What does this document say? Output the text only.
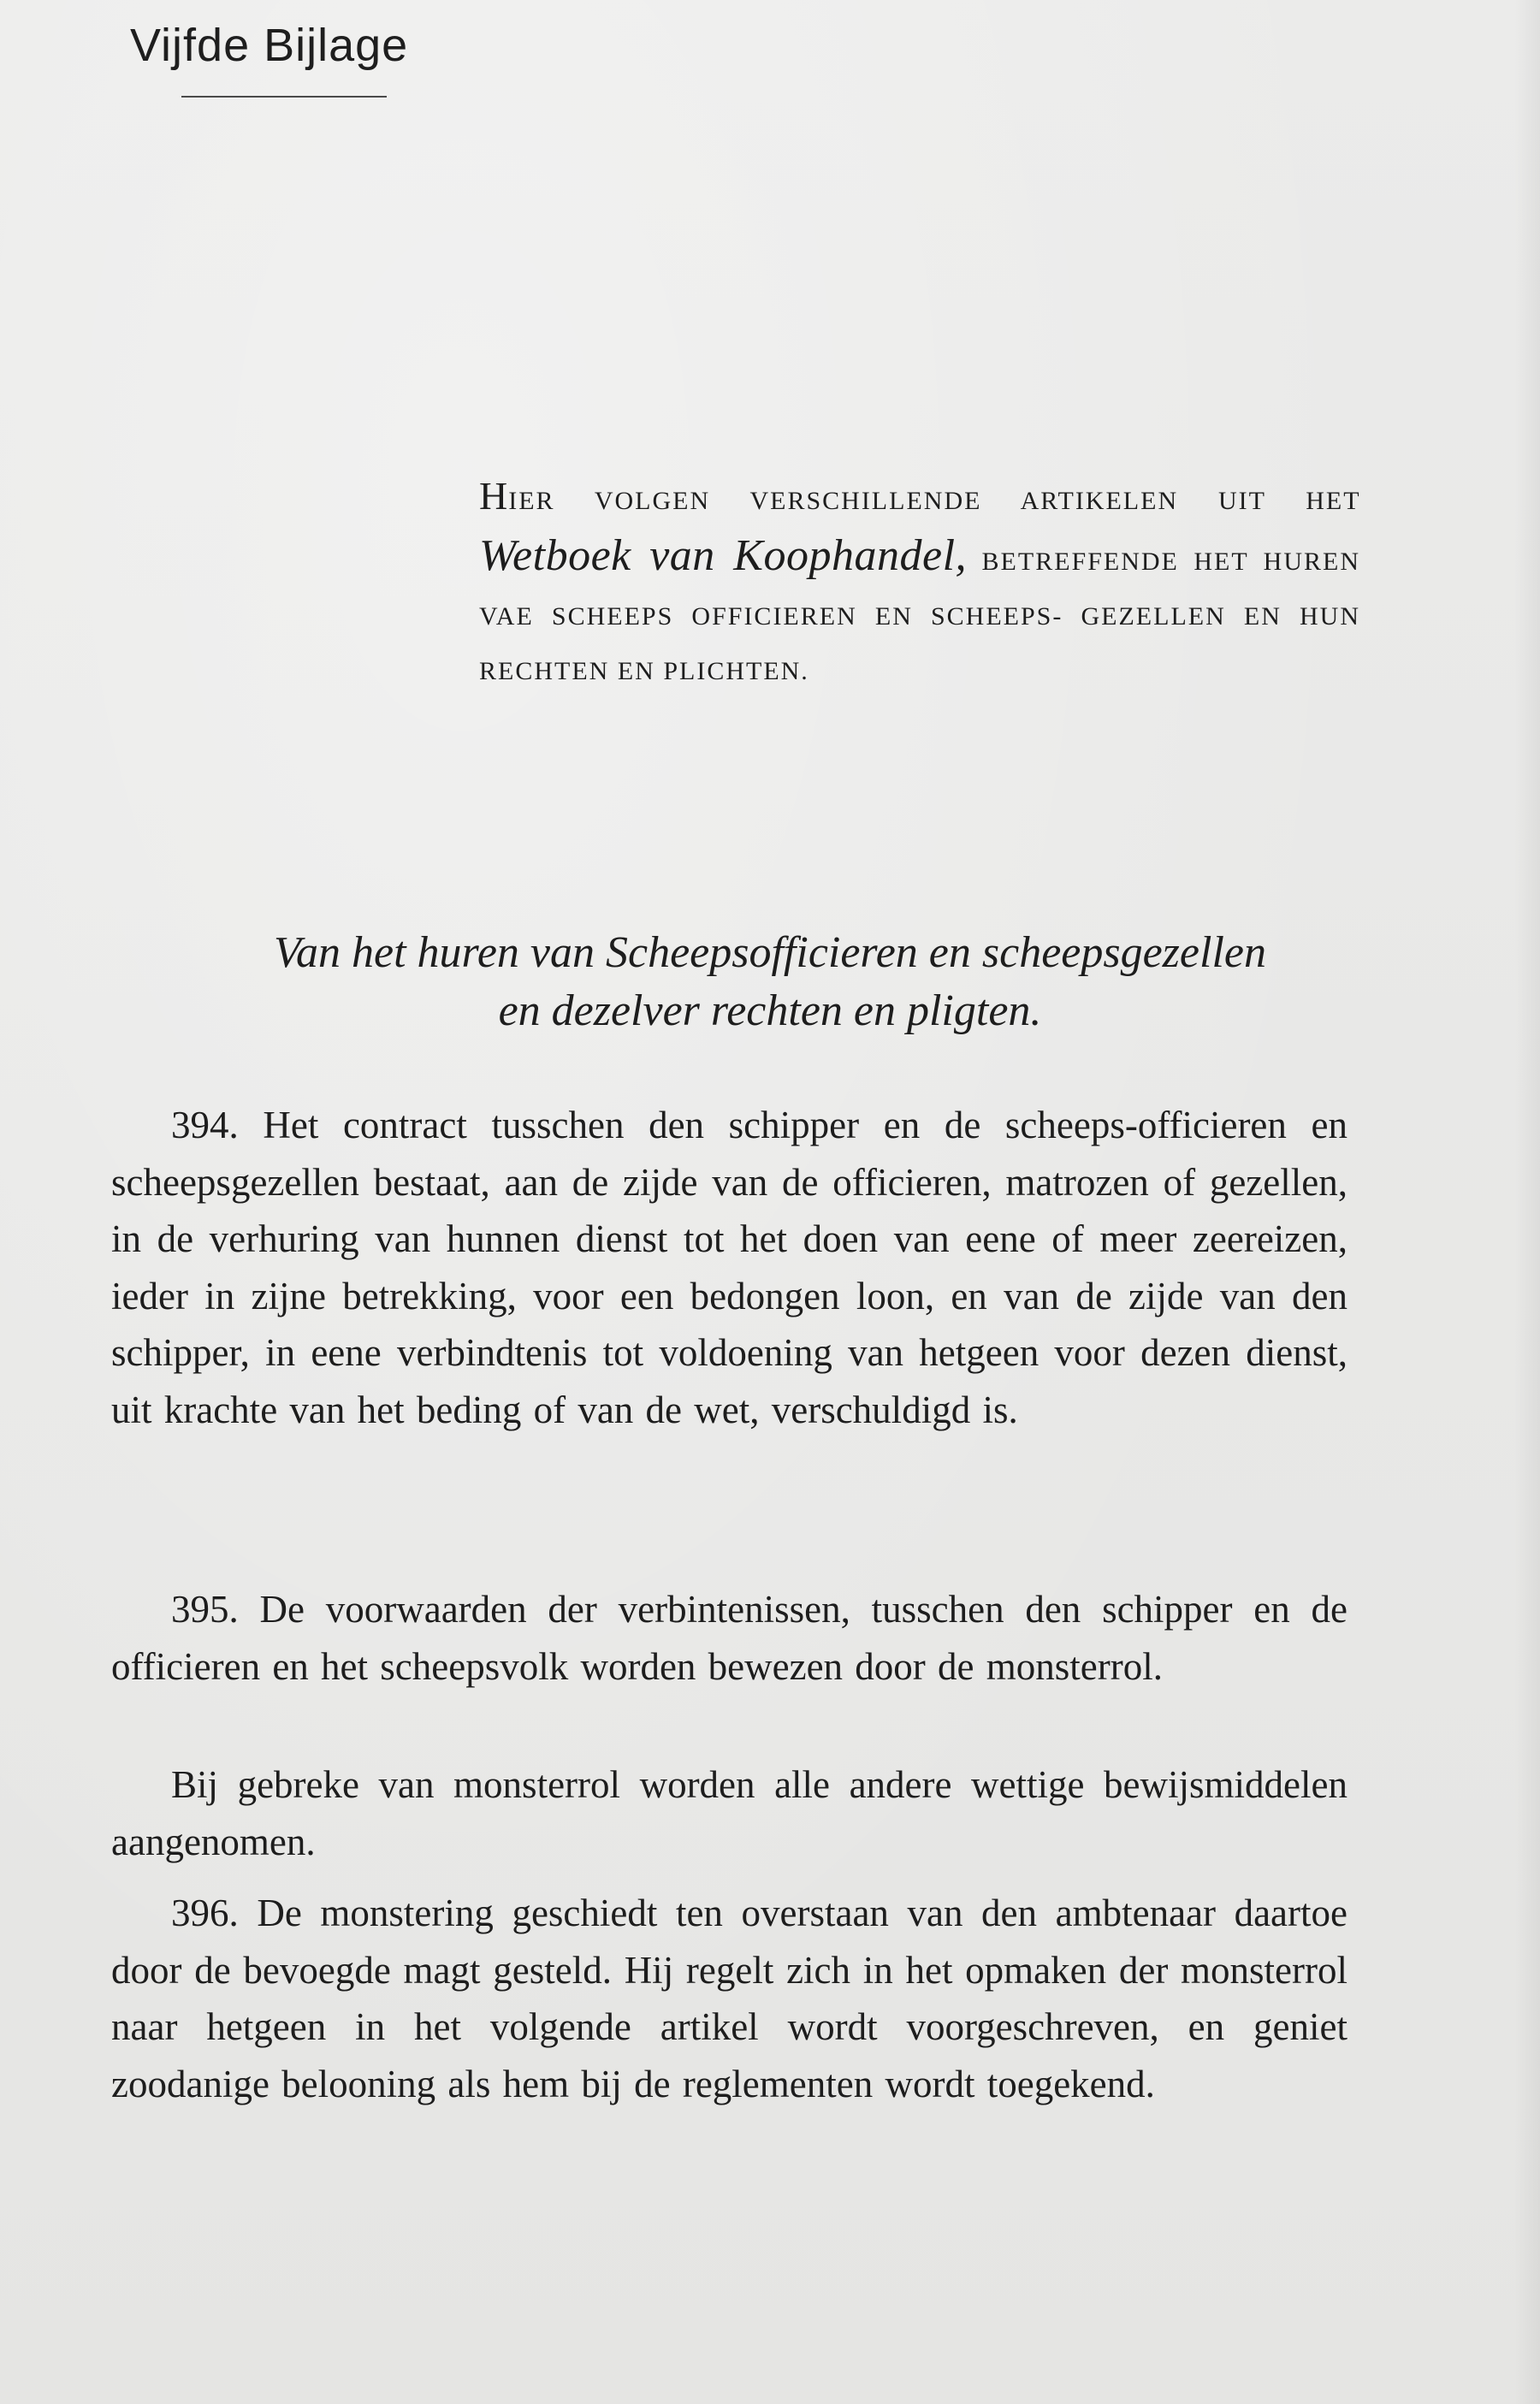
Vijfde Bijlage
HIER VOLGEN VERSCHILLENDE ARTIKELEN UIT HET Wetboek van Koophandel, BETREFFENDE HET HUREN VAE SCHEEPS OFFICIEREN EN SCHEEPS- GEZELLEN EN HUN RECHTEN EN PLICHTEN.
Van het huren van Scheepsofficieren en scheepsgezellen
en dezelver rechten en pligten.
394. Het contract tusschen den schipper en de scheeps-officieren en scheepsgezellen bestaat, aan de zijde van de officieren, matrozen of gezellen, in de verhuring van hunnen dienst tot het doen van eene of meer zeereizen, ieder in zijne betrekking, voor een bedongen loon, en van de zijde van den schipper, in eene verbindtenis tot voldoening van hetgeen voor dezen dienst, uit krachte van het beding of van de wet, verschuldigd is.
395. De voorwaarden der verbintenissen, tusschen den schipper en de officieren en het scheepsvolk worden bewezen door de monsterrol.
Bij gebreke van monsterrol worden alle andere wettige bewijsmiddelen aangenomen.
396. De monstering geschiedt ten overstaan van den ambtenaar daartoe door de bevoegde magt gesteld. Hij regelt zich in het opmaken der monsterrol naar hetgeen in het volgende artikel wordt voorgeschreven, en geniet zoodanige belooning als hem bij de reglementen wordt toegekend.
